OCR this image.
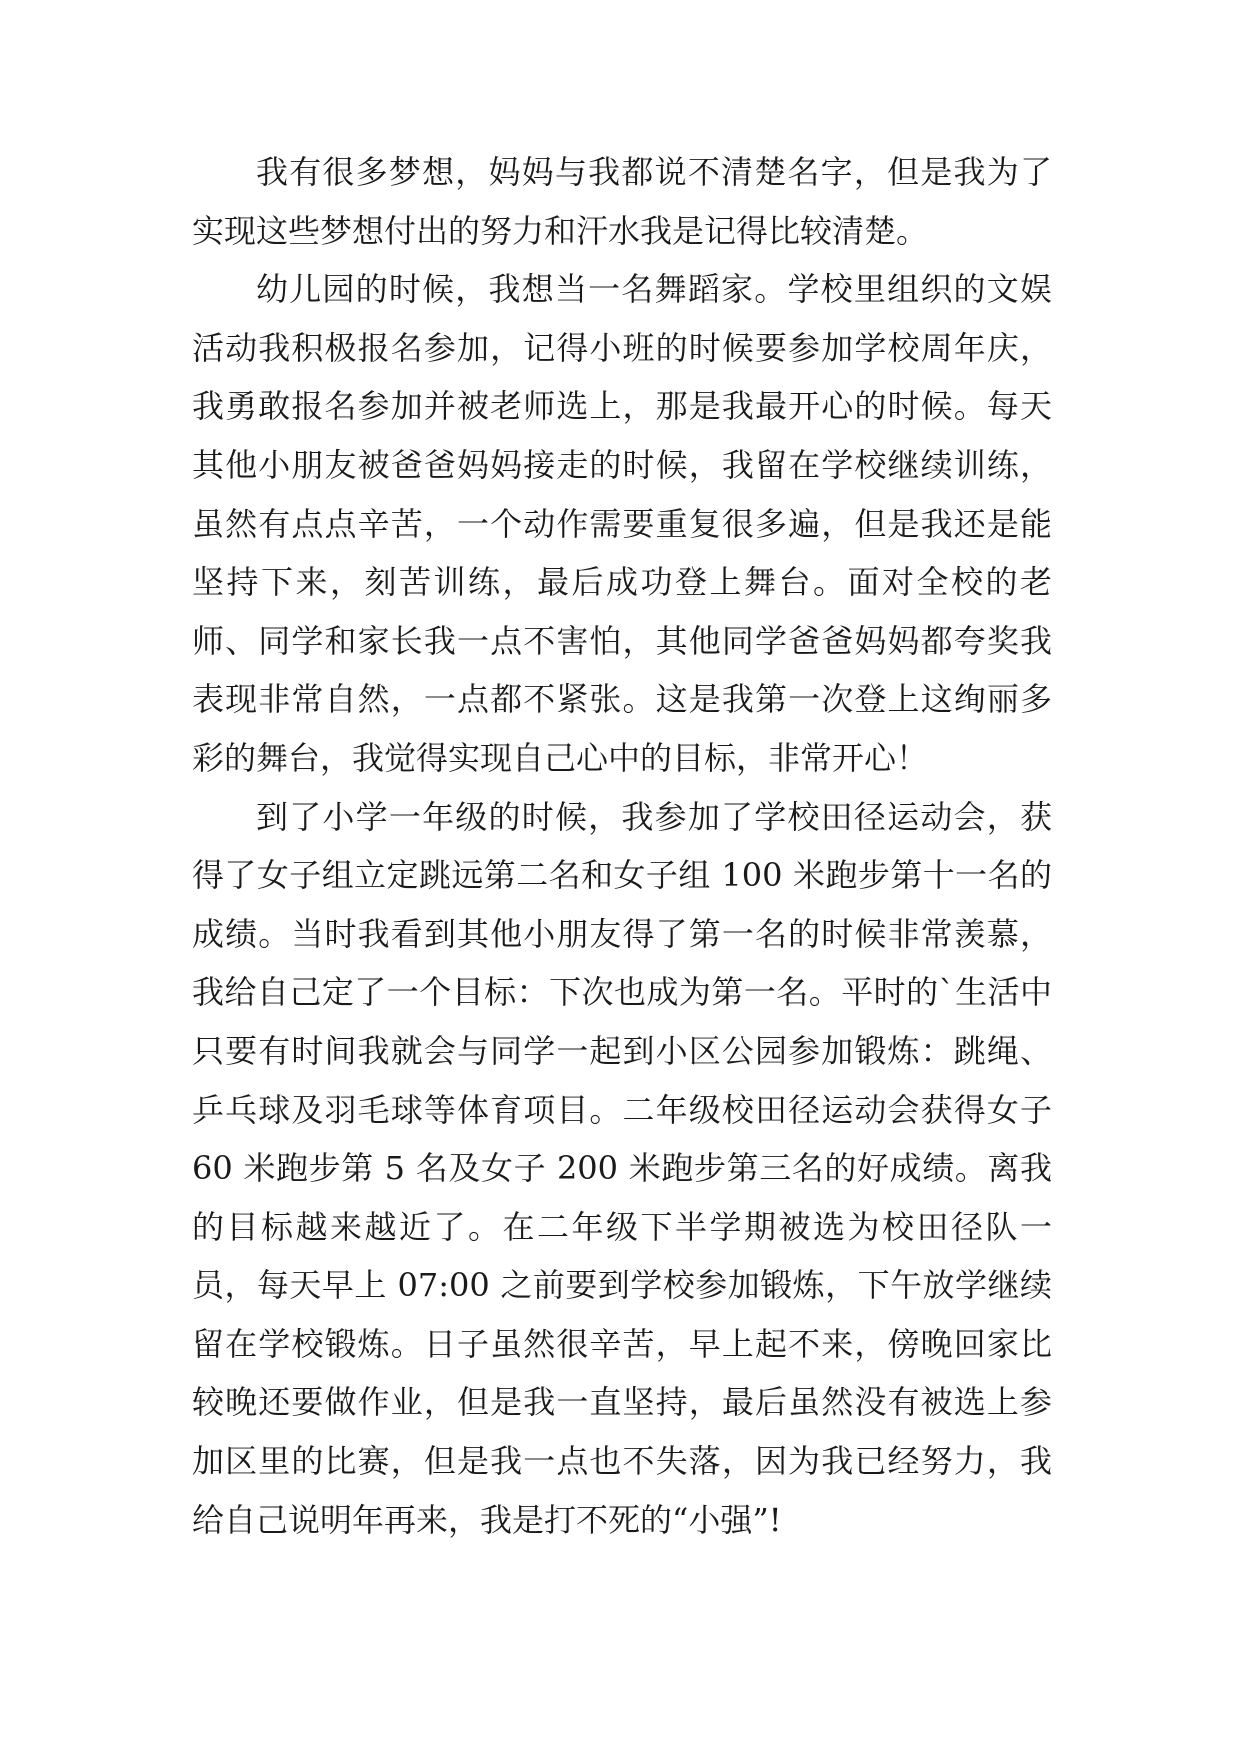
我有很多梦想，妈妈与我都说不清楚名字，但是我为了实现这些梦想付出的努力和汗水我是记得比较清楚。

幼儿园的时候，我想当一名舞蹈家。学校里组织的文娱活动我积极报名参加，记得小班的时候要参加学校周年庆，我勇敢报名参加并被老师选上，那是我最开心的时候。每天其他小朋友被爸爸妈妈接走的时候，我留在学校继续训练，虽然有点点辛苦，一个动作需要重复很多遍，但是我还是能坚持下来，刻苦训练，最后成功登上舞台。面对全校的老师、同学和家长我一点不害怕，其他同学爸爸妈妈都夸奖我表现非常自然，一点都不紧张。这是我第一次登上这绚丽多彩的舞台，我觉得实现自己心中的目标，非常开心！

到了小学一年级的时候，我参加了学校田径运动会，获得了女子组立定跳远第二名和女子组 100 米跑步第十一名的成绩。当时我看到其他小朋友得了第一名的时候非常羡慕，我给自己定了一个目标：下次也成为第一名。平时的`生活中只要有时间我就会与同学一起到小区公园参加锻炼：跳绳、乒乓球及羽毛球等体育项目。二年级校田径运动会获得女子 60 米跑步第 5 名及女子 200 米跑步第三名的好成绩。离我的目标越来越近了。在二年级下半学期被选为校田径队一员，每天早上 07:00 之前要到学校参加锻炼，下午放学继续留在学校锻炼。日子虽然很辛苦，早上起不来，傍晚回家比较晚还要做作业，但是我一直坚持，最后虽然没有被选上参加区里的比赛，但是我一点也不失落，因为我已经努力，我给自己说明年再来，我是打不死的“小强”!
